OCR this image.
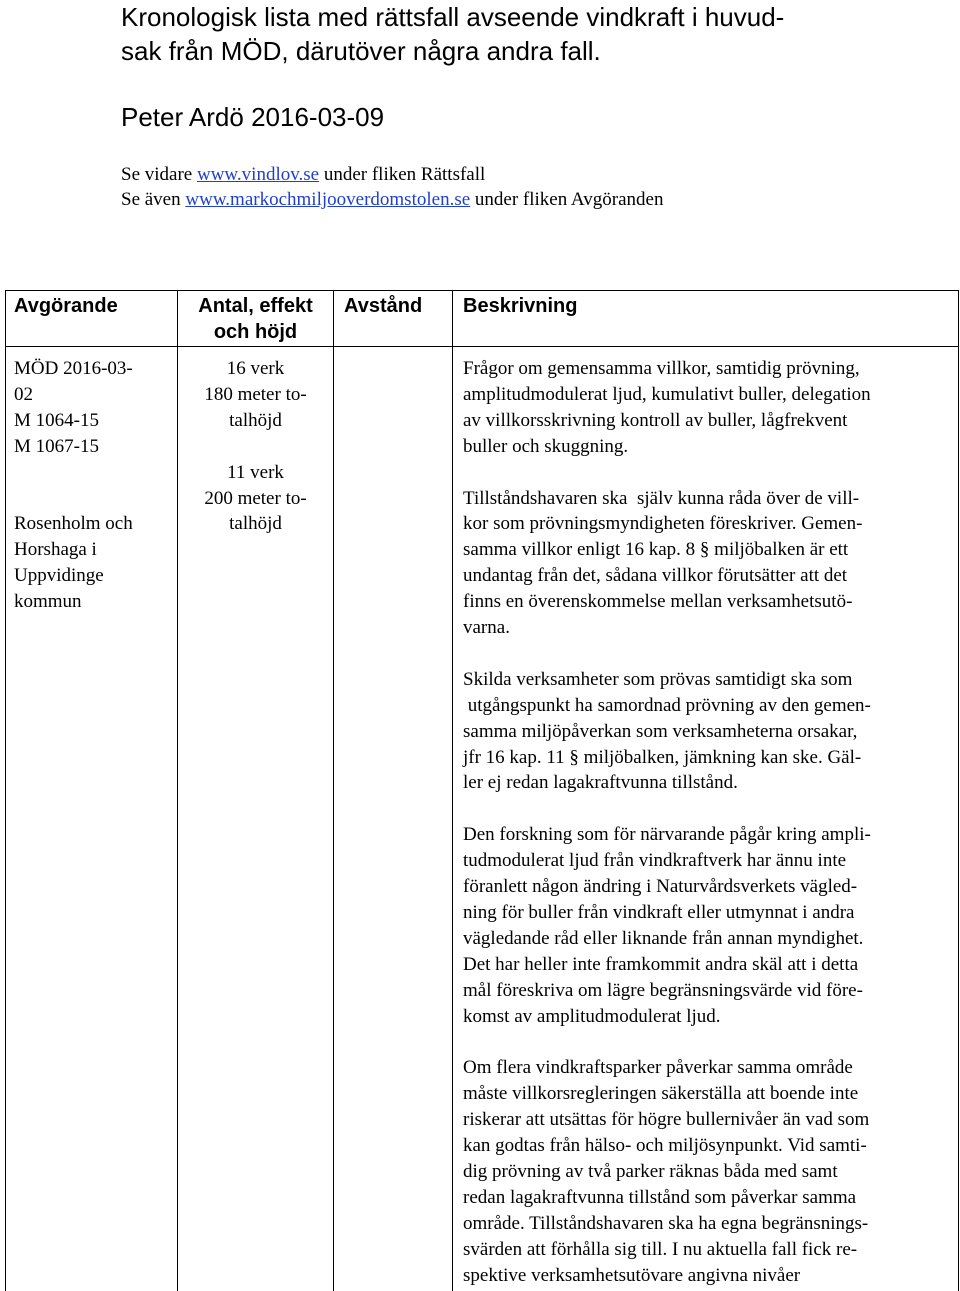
Kronologisk lista med rättsfall avseende vindkraft i huvud-
sak från MÖD, därutöver några andra fall.
Peter Ardö 2016-03-09
Se vidare www.vindlov.se under fliken Rättsfall
Se även www.markochmiljooverdomstolen.se under fliken Avgöranden
Avgörande	Antal, effekt
och höjd
Avstånd	Beskrivning
MÖD 2016-03-
02
M 1064-15
M 1067-15
Rosenholm och
Horshaga i
Uppvidinge
kommun
16 verk
180 meter to-
talhöjd
11 verk
200 meter to-
talhöjd
Frågor om gemensamma villkor, samtidig prövning,
amplitudmodulerat ljud, kumulativt buller, delegation
av villkorsskrivning kontroll av buller, lågfrekvent
buller och skuggning.
Tillståndshavaren ska  själv kunna råda över de vill-
kor som prövningsmyndigheten föreskriver. Gemen-
samma villkor enligt 16 kap. 8 § miljöbalken är ett
undantag från det, sådana villkor förutsätter att det
finns en överenskommelse mellan verksamhetsutö-
varna.
Skilda verksamheter som prövas samtidigt ska som
utgångspunkt ha samordnad prövning av den gemen-
samma miljöpåverkan som verksamheterna orsakar,
jfr 16 kap. 11 § miljöbalken, jämkning kan ske. Gäl-
ler ej redan lagakraftvunna tillstånd.
Den forskning som för närvarande pågår kring ampli-
tudmodulerat ljud från vindkraftverk har ännu inte
föranlett någon ändring i Naturvårdsverkets vägled-
ning för buller från vindkraft eller utmynnat i andra
vägledande råd eller liknande från annan myndighet.
Det har heller inte framkommit andra skäl att i detta
mål föreskriva om lägre begränsningsvärde vid före-
komst av amplitudmodulerat ljud.
Om flera vindkraftsparker påverkar samma område
måste villkorsregleringen säkerställa att boende inte
riskerar att utsättas för högre bullernivåer än vad som
kan godtas från hälso- och miljösynpunkt. Vid samti-
dig prövning av två parker räknas båda med samt
redan lagakraftvunna tillstånd som påverkar samma
område. Tillståndshavaren ska ha egna begränsnings-
svärden att förhålla sig till. I nu aktuella fall fick re-
spektive verksamhetsutövare angivna nivåer
